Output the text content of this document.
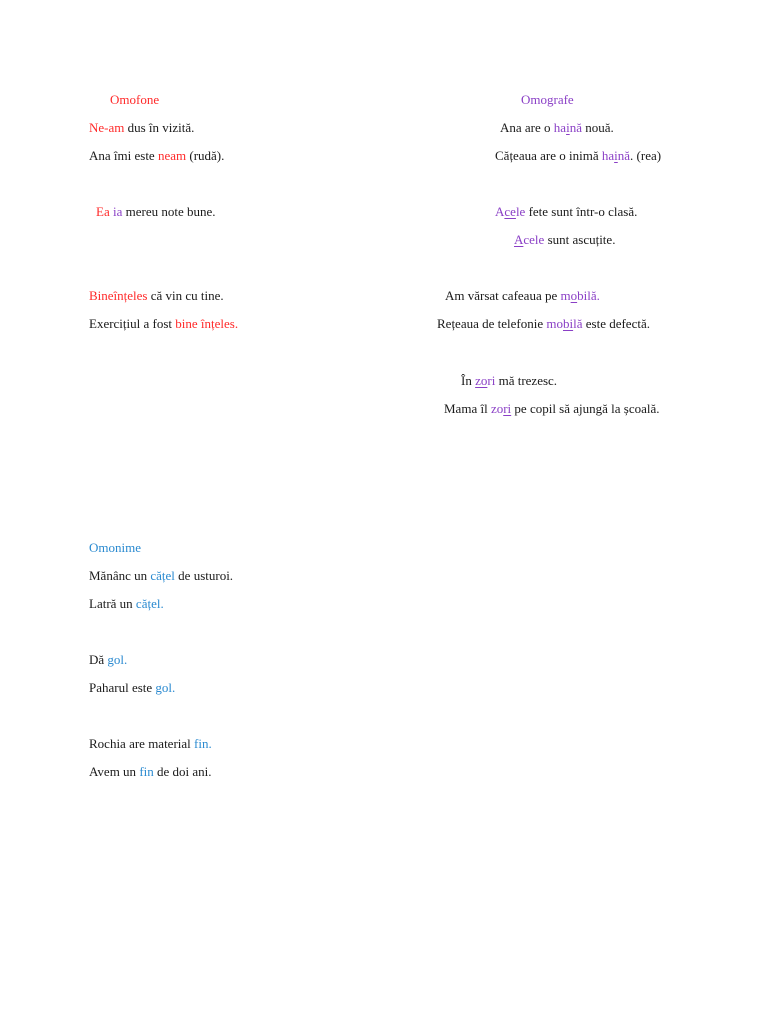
Omofone
Ne-am dus în vizită.
Ana îmi este neam (rudă).
Ea ia mereu note bune.
Bineînțeles că vin cu tine.
Exercițiul a fost bine înțeles.
Omografe
Ana are o haină nouă.
Cățeaua are o inimă haină. (rea)
Acele fete sunt într-o clasă.
Acele sunt ascuțite.
Am vărsat cafeaua pe mobilă.
Rețeaua de telefonie mobilă este defectă.
În zori mă trezesc.
Mama îl zori pe copil să ajungă la școală.
Omonime
Mănânc un cățel de usturoi.
Latră un cățel.
Dă gol.
Paharul este gol.
Rochia are material fin.
Avem un fin de doi ani.
